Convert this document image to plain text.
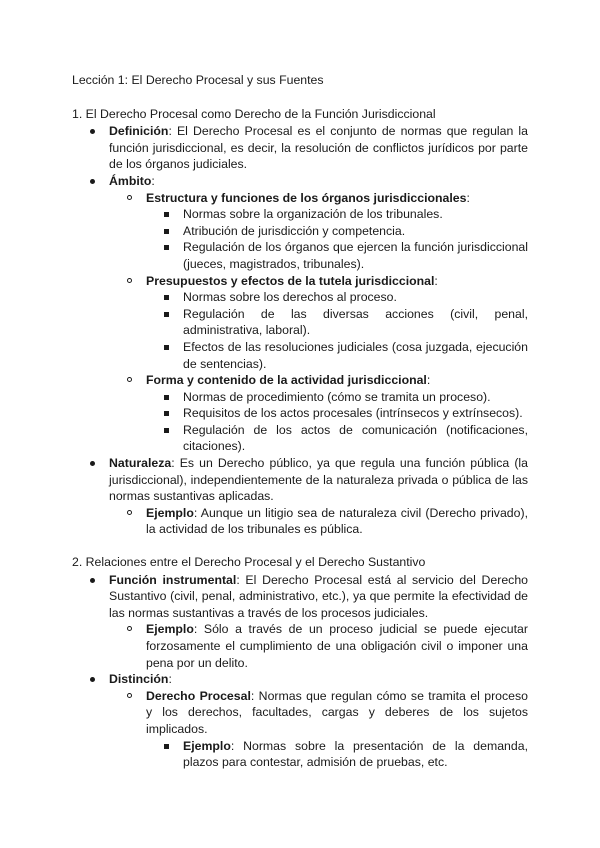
Lección 1: El Derecho Procesal y sus Fuentes
1. El Derecho Procesal como Derecho de la Función Jurisdiccional
Definición: El Derecho Procesal es el conjunto de normas que regulan la función jurisdiccional, es decir, la resolución de conflictos jurídicos por parte de los órganos judiciales.
Ámbito:
Estructura y funciones de los órganos jurisdiccionales:
Normas sobre la organización de los tribunales.
Atribución de jurisdicción y competencia.
Regulación de los órganos que ejercen la función jurisdiccional (jueces, magistrados, tribunales).
Presupuestos y efectos de la tutela jurisdiccional:
Normas sobre los derechos al proceso.
Regulación de las diversas acciones (civil, penal, administrativa, laboral).
Efectos de las resoluciones judiciales (cosa juzgada, ejecución de sentencias).
Forma y contenido de la actividad jurisdiccional:
Normas de procedimiento (cómo se tramita un proceso).
Requisitos de los actos procesales (intrínsecos y extrínsecos).
Regulación de los actos de comunicación (notificaciones, citaciones).
Naturaleza: Es un Derecho público, ya que regula una función pública (la jurisdiccional), independientemente de la naturaleza privada o pública de las normas sustantivas aplicadas.
Ejemplo: Aunque un litigio sea de naturaleza civil (Derecho privado), la actividad de los tribunales es pública.
2. Relaciones entre el Derecho Procesal y el Derecho Sustantivo
Función instrumental: El Derecho Procesal está al servicio del Derecho Sustantivo (civil, penal, administrativo, etc.), ya que permite la efectividad de las normas sustantivas a través de los procesos judiciales.
Ejemplo: Sólo a través de un proceso judicial se puede ejecutar forzosamente el cumplimiento de una obligación civil o imponer una pena por un delito.
Distinción:
Derecho Procesal: Normas que regulan cómo se tramita el proceso y los derechos, facultades, cargas y deberes de los sujetos implicados.
Ejemplo: Normas sobre la presentación de la demanda, plazos para contestar, admisión de pruebas, etc.
